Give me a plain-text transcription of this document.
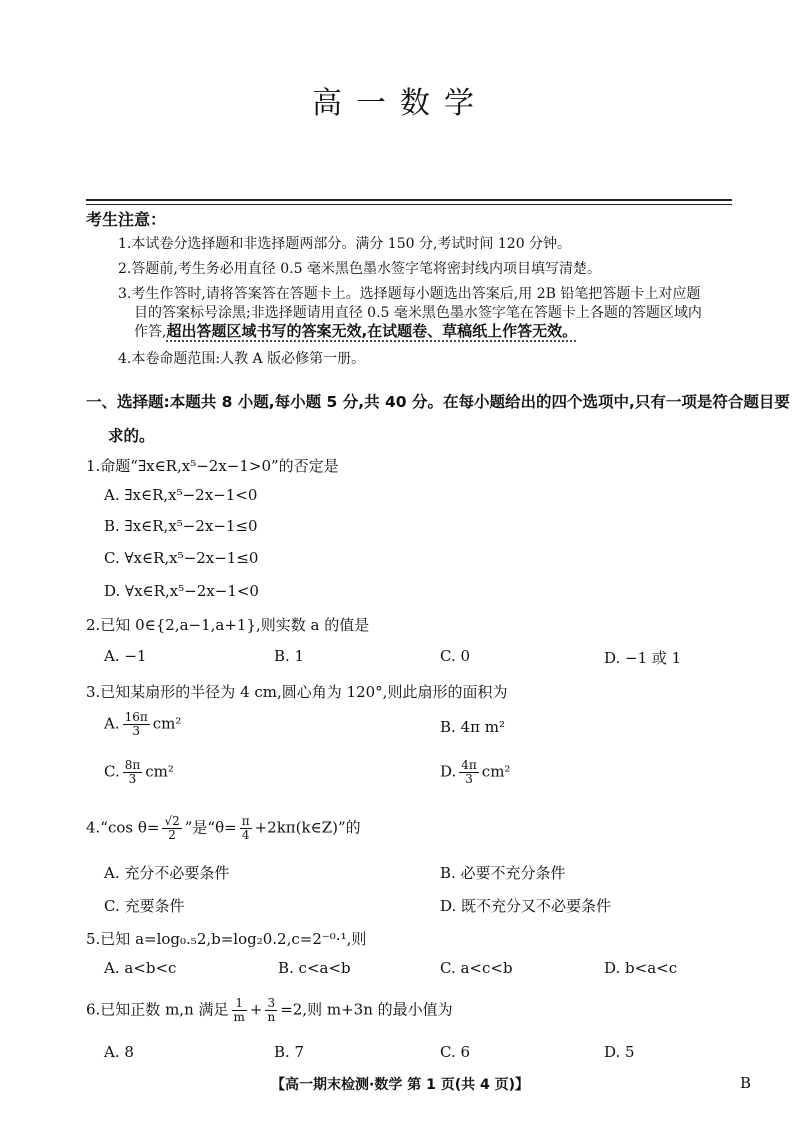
高一数学
考生注意：
1.本试卷分选择题和非选择题两部分。满分 150 分,考试时间 120 分钟。
2.答题前,考生务必用直径 0.5 毫米黑色墨水签字笔将密封线内项目填写清楚。
3.考生作答时,请将答案答在答题卡上。选择题每小题选出答案后,用 2B 铅笔把答题卡上对应题
目的答案标号涂黑;非选择题请用直径 0.5 毫米黑色墨水签字笔在答题卡上各题的答题区域内
作答,超出答题区域书写的答案无效,在试题卷、草稿纸上作答无效。
4.本卷命题范围:人教 A 版必修第一册。
一、选择题:本题共 8 小题,每小题 5 分,共 40 分。在每小题给出的四个选项中,只有一项是符合题目要
求的。
1.命题“∃x∈R,x⁵−2x−1>0”的否定是
A. ∃x∈R,x⁵−2x−1<0
B. ∃x∈R,x⁵−2x−1≤0
C. ∀x∈R,x⁵−2x−1≤0
D. ∀x∈R,x⁵−2x−1<0
2.已知 0∈{2,a−1,a+1},则实数 a 的值是
A. −1	B. 1	C. 0	D. −1 或 1
3.已知某扇形的半径为 4 cm,圆心角为 120°,则此扇形的面积为
A. $\frac{16\pi}{3} cm^2$	B. 4π m²
C. $\frac{8\pi}{3} cm^2$	D. $\frac{4\pi}{3} cm^2$
4.“cos $\theta= \frac{√2}{2}$ ”是“$\theta= \frac{\pi}{4}$ +2kπ(k∈Z)”的
A. 充分不必要条件	B. 必要不充分条件
C. 充要条件	D. 既不充分又不必要条件
5.已知 a=log₀.₅2,b=log₂0.2,c=2⁻⁰·¹,则
A. a<b<c	B. c<a<b	C. a<c<b	D. b<a<c
6.已知正数 m,n 满足 $\frac{1}{m} + \frac{3}{n} =2$,则 m+3n 的最小值为
A. 8	B. 7	C. 6	D. 5
【高一期末检测·数学 第 1 页(共 4 页)】	B
